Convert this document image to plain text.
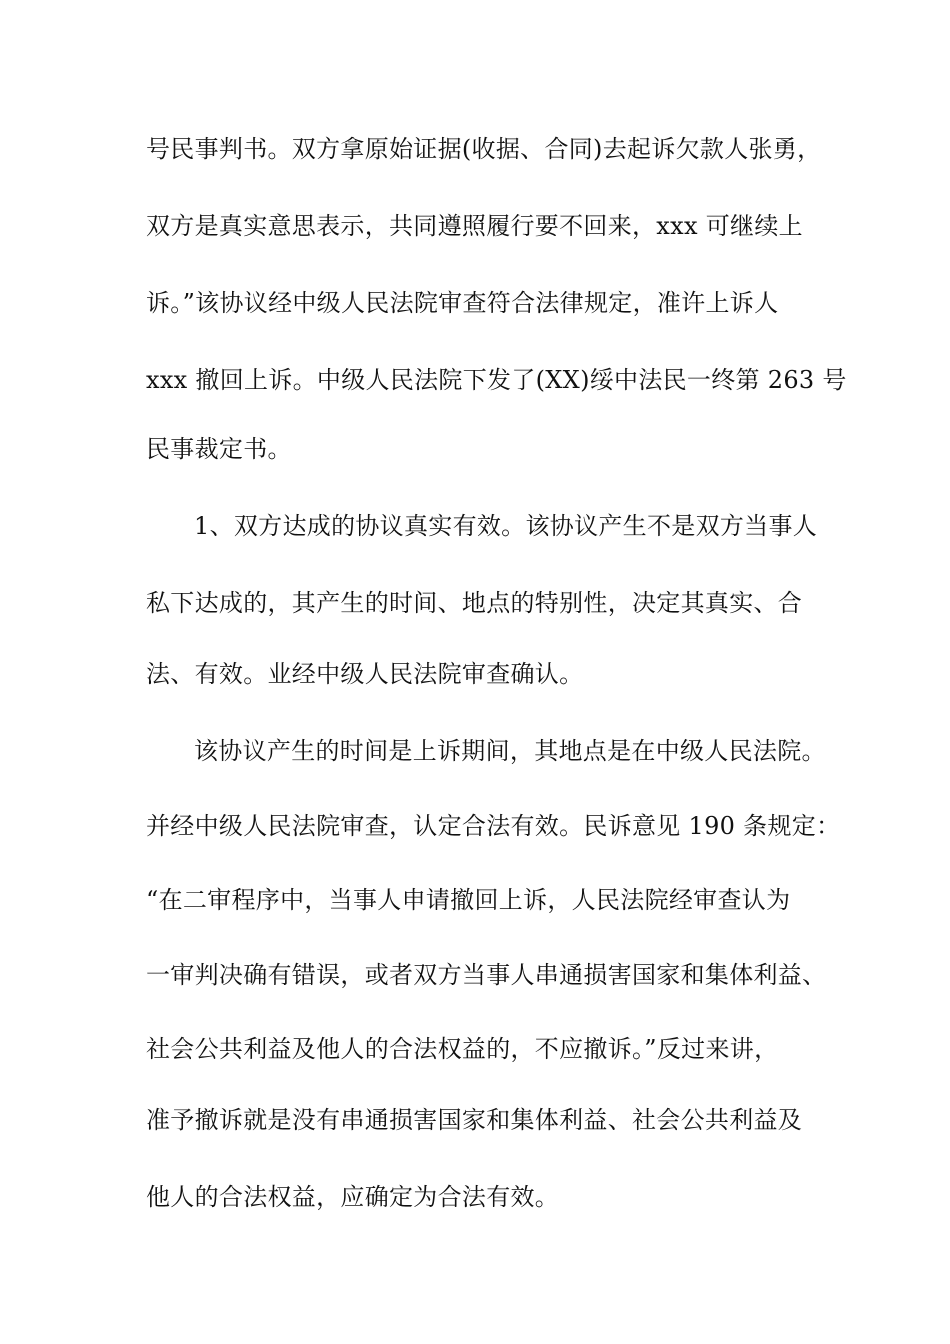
号民事判书。双方拿原始证据(收据、合同)去起诉欠款人张勇，
双方是真实意思表示，共同遵照履行要不回来，xxx 可继续上
诉。”该协议经中级人民法院审查符合法律规定，准许上诉人
xxx 撤回上诉。中级人民法院下发了(XX)绥中法民一终第 263 号
民事裁定书。
1、双方达成的协议真实有效。该协议产生不是双方当事人
私下达成的，其产生的时间、地点的特别性，决定其真实、合
法、有效。业经中级人民法院审查确认。
该协议产生的时间是上诉期间，其地点是在中级人民法院。
并经中级人民法院审查，认定合法有效。民诉意见 190 条规定：
“在二审程序中，当事人申请撤回上诉，人民法院经审查认为
一审判决确有错误，或者双方当事人串通损害国家和集体利益、
社会公共利益及他人的合法权益的，不应撤诉。”反过来讲，
准予撤诉就是没有串通损害国家和集体利益、社会公共利益及
他人的合法权益，应确定为合法有效。
